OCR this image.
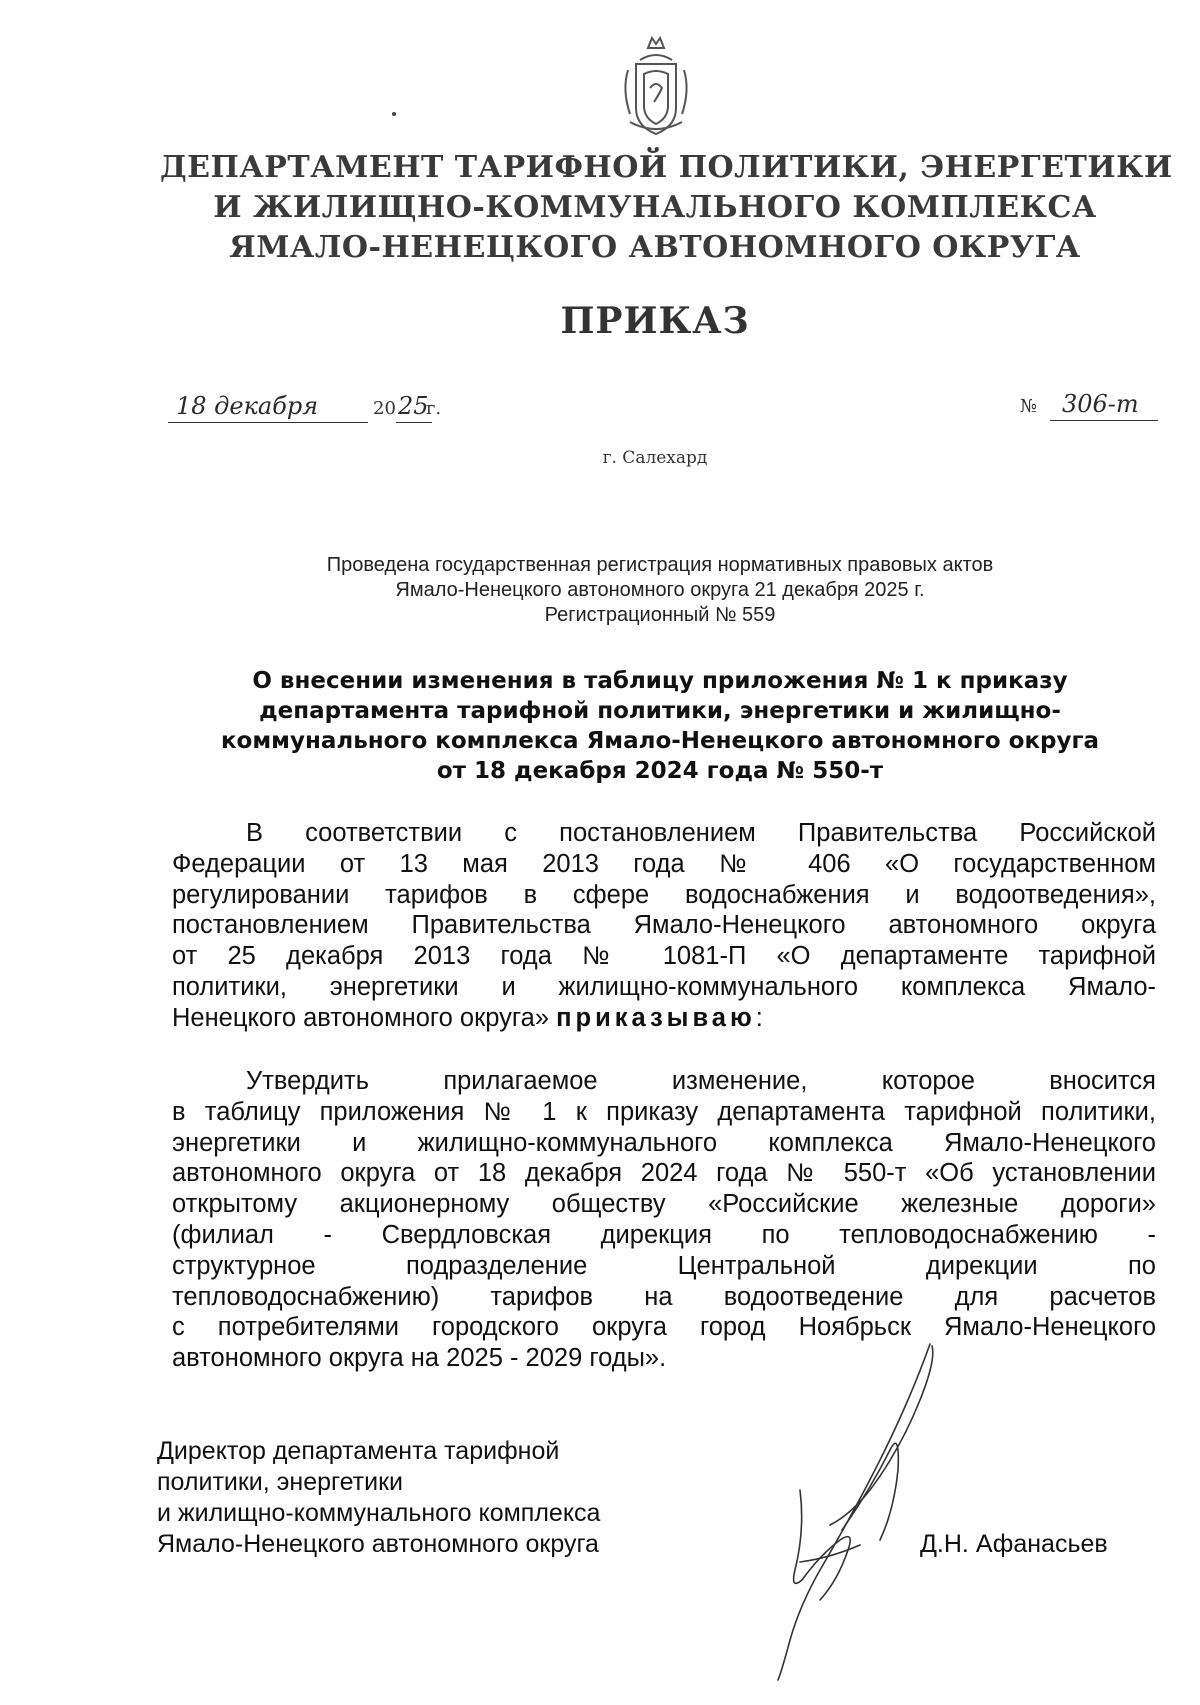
ДЕПАРТАМЕНТ ТАРИФНОЙ ПОЛИТИКИ, ЭНЕРГЕТИКИ
И ЖИЛИЩНО-КОММУНАЛЬНОГО КОМПЛЕКСА
ЯМАЛО-НЕНЕЦКОГО АВТОНОМНОГО ОКРУГА
ПРИКАЗ
18 декабря	20 25
г.	№ 306-т
г. Салехард
Проведена государственная регистрация нормативных правовых актов
Ямало-Ненецкого автономного округа 21 декабря 2025 г.
Регистрационный № 559
О внесении изменения в таблицу приложения № 1 к приказу
департамента тарифной политики, энергетики и жилищно-
коммунального комплекса Ямало-Ненецкого автономного округа
от 18 декабря 2024 года № 550-т
В соответствии с постановлением Правительства Российской
Федерации от 13 мая 2013 года № 406 «О государственном
регулировании тарифов в сфере водоснабжения и водоотведения»,
постановлением Правительства Ямало-Ненецкого автономного округа
от 25 декабря 2013 года № 1081-П «О департаменте тарифной
политики, энергетики и жилищно-коммунального комплекса Ямало-
Ненецкого автономного округа» приказываю:
Утвердить прилагаемое изменение, которое вносится
в таблицу приложения № 1 к приказу департамента тарифной политики,
энергетики и жилищно-коммунального комплекса Ямало-Ненецкого
автономного округа от 18 декабря 2024 года № 550-т «Об установлении
открытому акционерному обществу «Российские железные дороги»
(филиал - Свердловская дирекция по тепловодоснабжению -
структурное подразделение Центральной дирекции по
тепловодоснабжению) тарифов на водоотведение для расчетов
с потребителями городского округа город Ноябрьск Ямало-Ненецкого
автономного округа на 2025 - 2029 годы».
Директор департамента тарифной
политики, энергетики
и жилищно-коммунального комплекса
Ямало-Ненецкого автономного округа	Д.Н. Афанасьев
